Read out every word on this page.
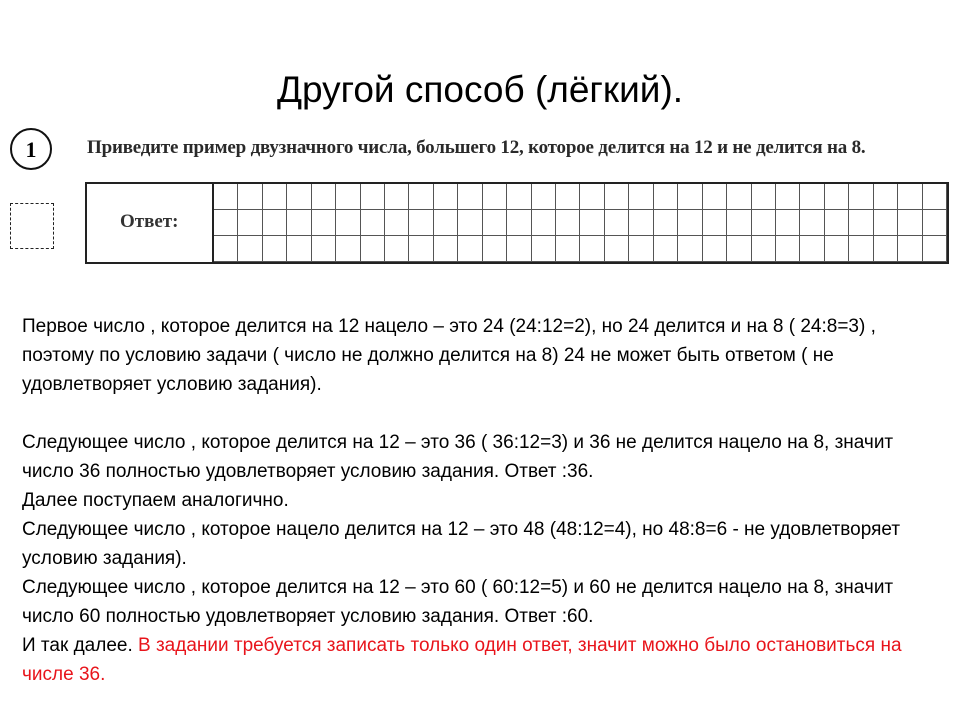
Другой способ (лёгкий).
1	Приведите пример двузначного числа, большего 12, которое делится на 12 и не делится на 8.
Ответ:

Первое число , которое делится на 12 нацело – это 24 (24:12=2), но 24 делится и на 8 ( 24:8=3) , поэтому по условию задачи ( число не должно делится на 8) 24 не может быть ответом ( не удовлетворяет условию задания).

Следующее число , которое делится на 12 – это 36 ( 36:12=3) и 36 не делится нацело на 8, значит число 36 полностью удовлетворяет условию задания. Ответ :36.

Далее поступаем аналогично.

Следующее число , которое нацело делится на 12 – это 48 (48:12=4), но 48:8=6 - не удовлетворяет условию задания).

Следующее число , которое делится на 12 – это 60 ( 60:12=5) и 60 не делится нацело на 8, значит число 60 полностью удовлетворяет условию задания. Ответ :60.

И так далее. В задании требуется записать только один ответ, значит можно было остановиться на числе 36.
